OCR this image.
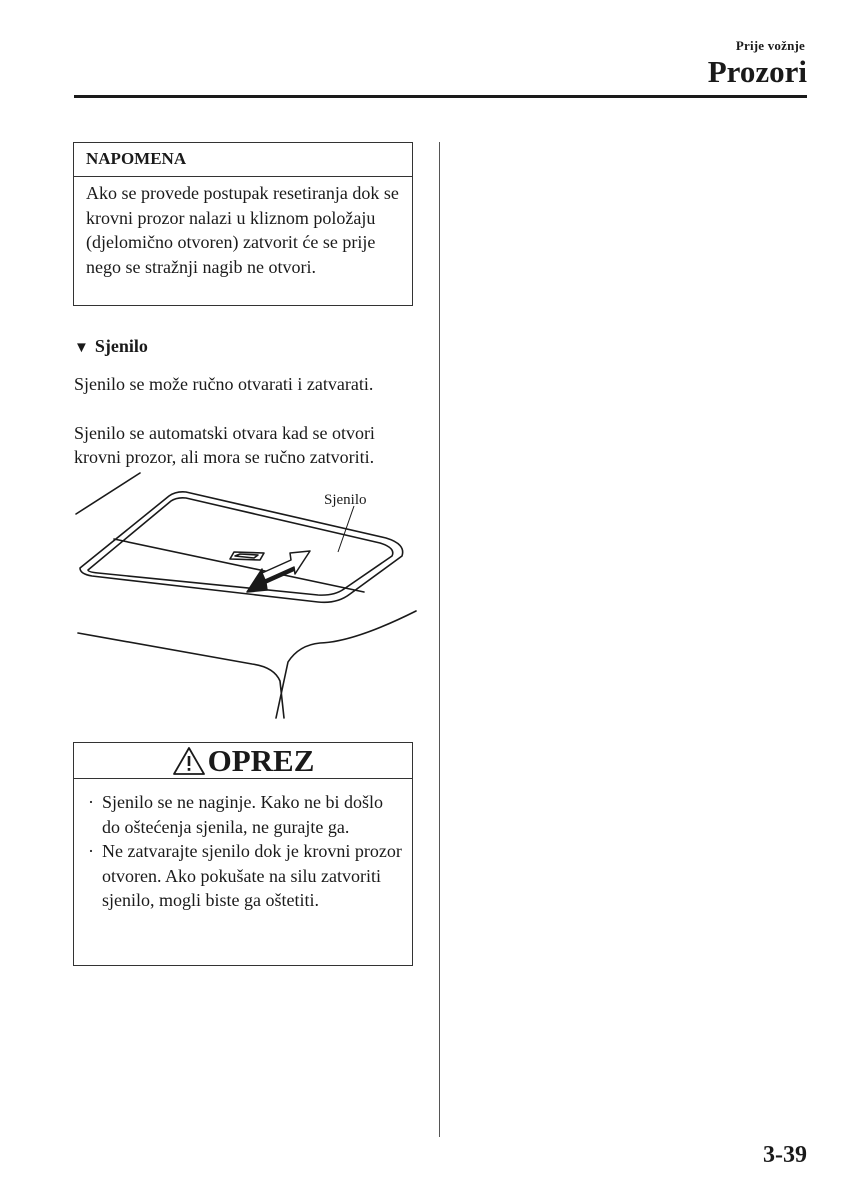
Prije vožnje
Prozori
NAPOMENA
Ako se provede postupak resetiranja dok se krovni prozor nalazi u kliznom položaju (djelomično otvoren) zatvorit će se prije nego se stražnji nagib ne otvori.
▼ Sjenilo
Sjenilo se može ručno otvarati i zatvarati.
Sjenilo se automatski otvara kad se otvori krovni prozor, ali mora se ručno zatvoriti.
Sjenilo
OPREZ
· Sjenilo se ne naginje. Kako ne bi došlo do oštećenja sjenila, ne gurajte ga.
· Ne zatvarajte sjenilo dok je krovni prozor otvoren. Ako pokušate na silu zatvoriti sjenilo, mogli biste ga oštetiti.
3-39
